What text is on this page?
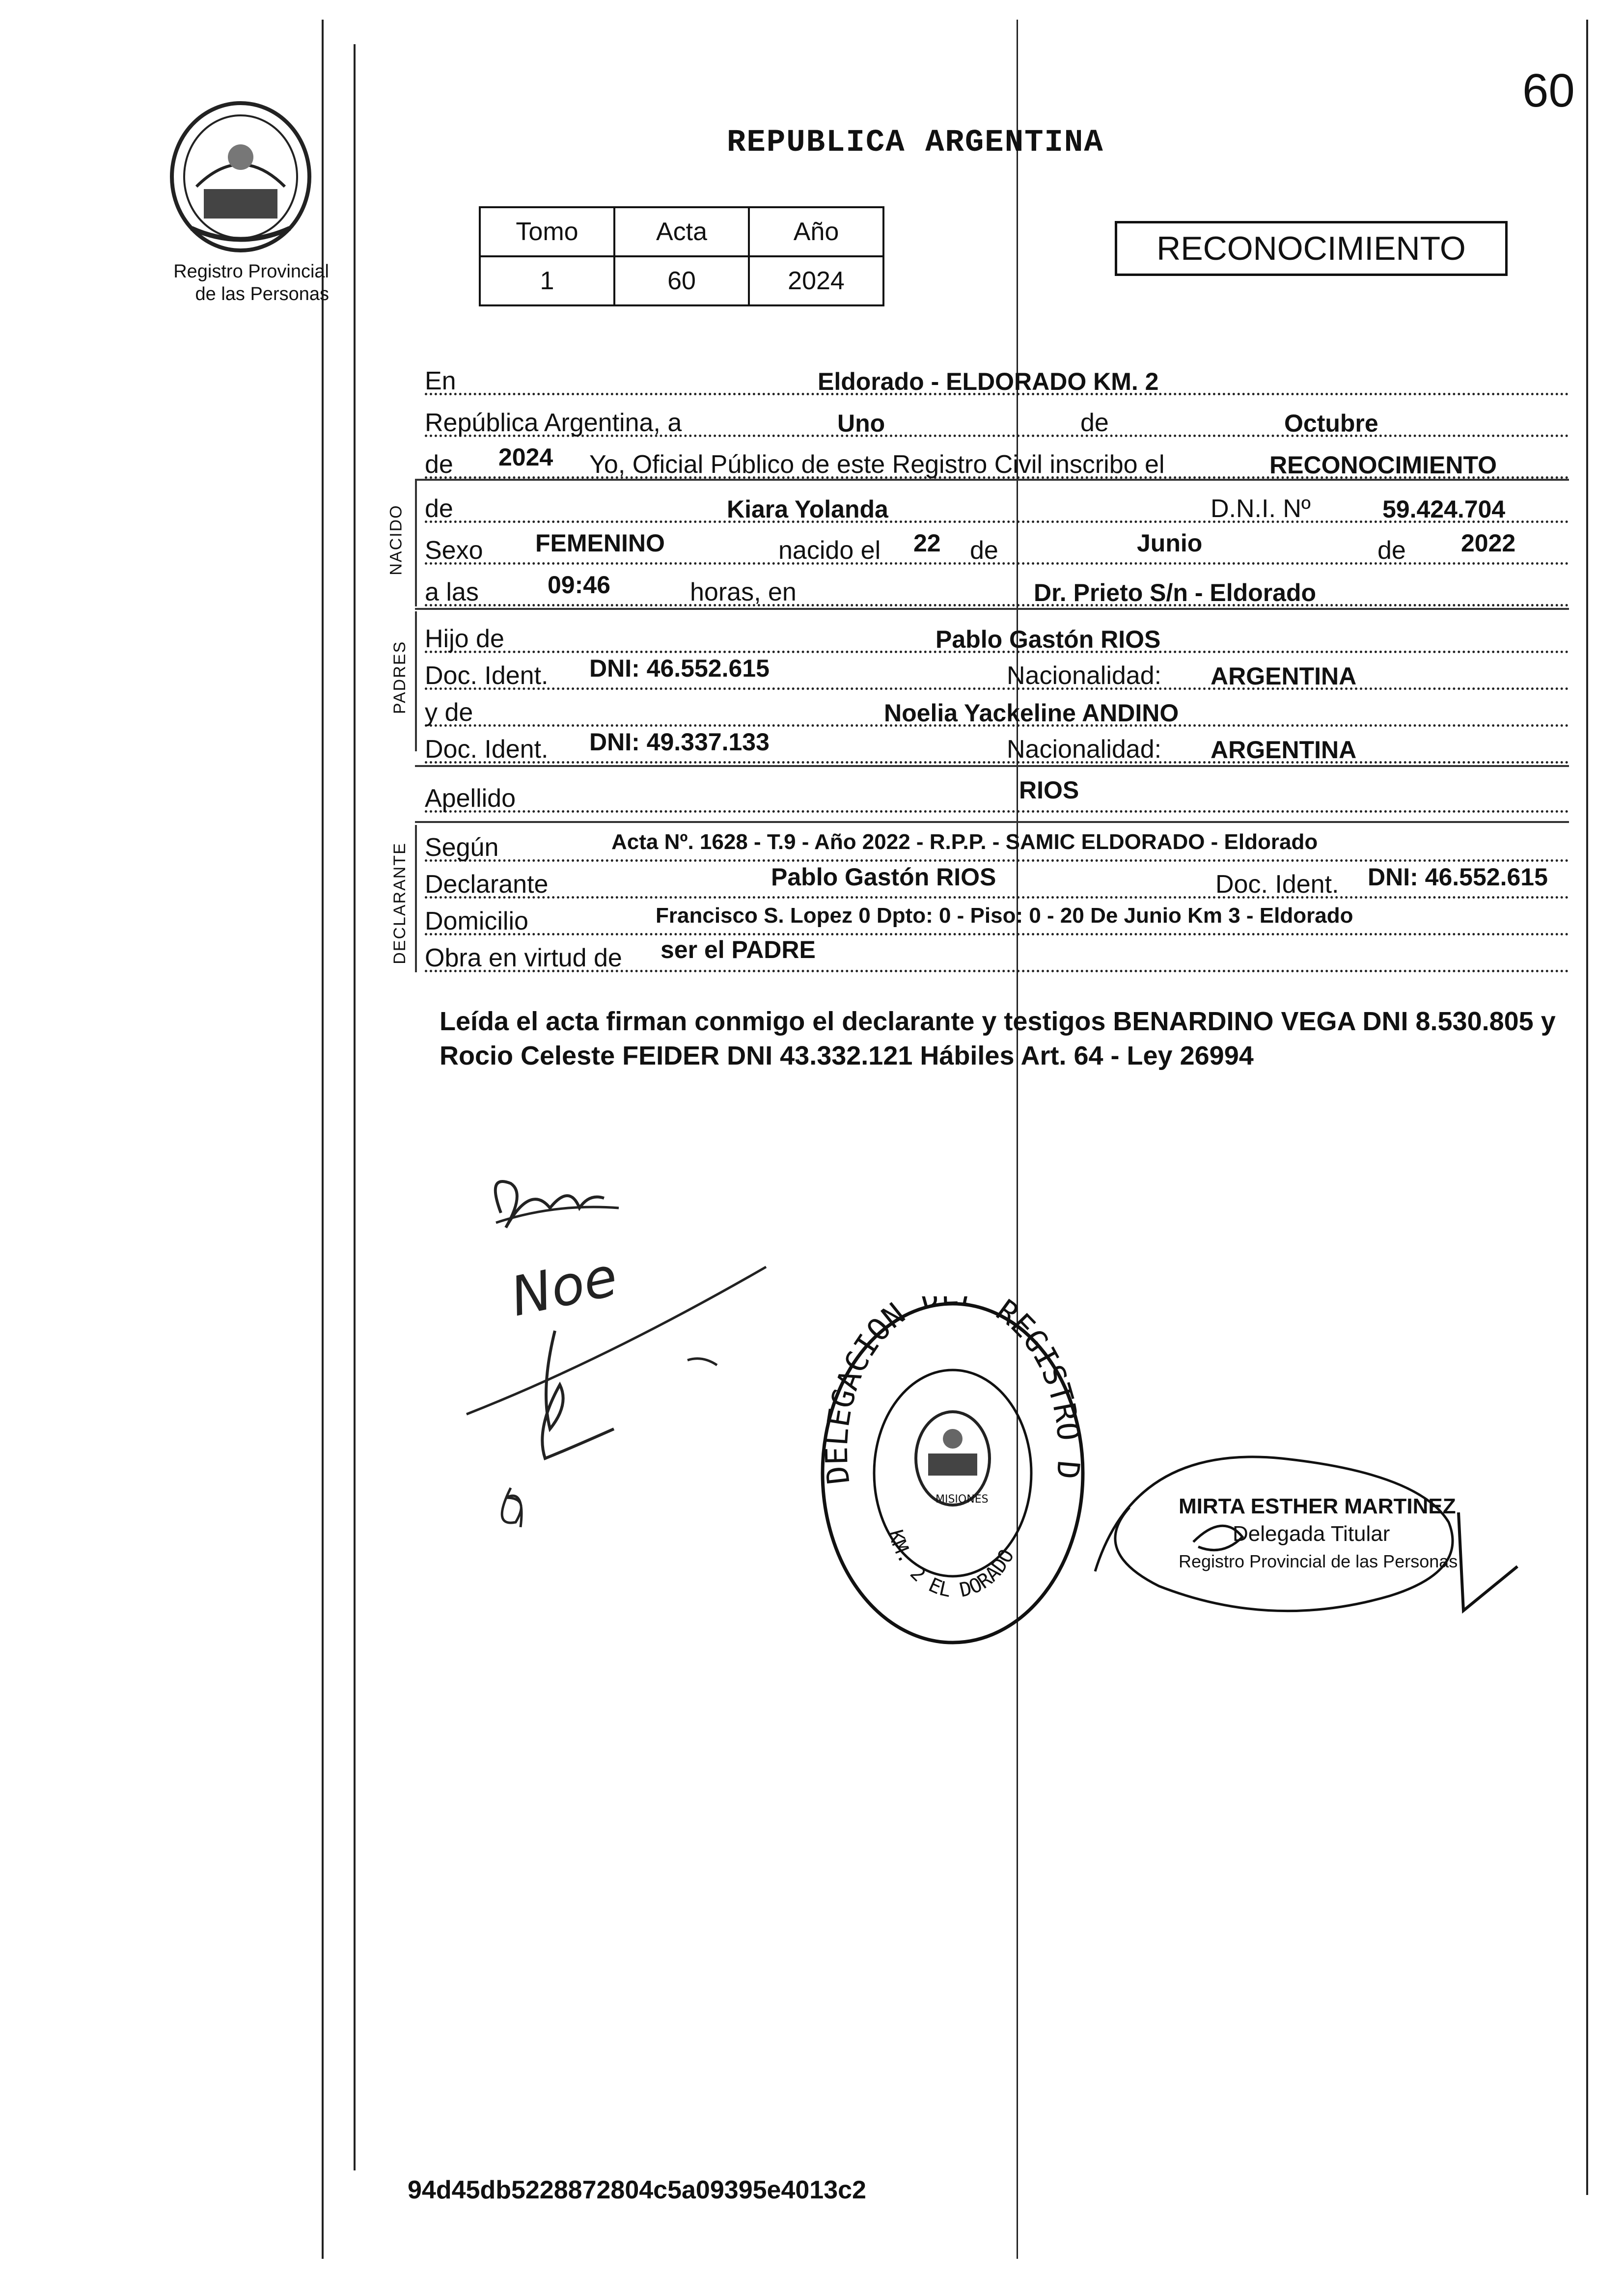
60
Registro Provincial
de las Personas
REPUBLICA ARGENTINA
Tomo	Acta	Año
1	60	2024
RECONOCIMIENTO
En	Eldorado - ELDORADO KM. 2
República Argentina, a	Uno	de	Octubre
de 2024 Yo, Oficial Público de este Registro Civil inscribo el	RECONOCIMIENTO
NACIDO de	Kiara Yolanda	D.N.I. Nº	59.424.704
Sexo FEMENINO	nacido el 22 de	Junio	de 2022
a las	09:46	horas, en	Dr. Prieto S/n - Eldorado
PADRES
Hijo de	Pablo Gastón RIOS
Doc. Ident. DNI: 46.552.615	Nacionalidad: ARGENTINA
y de	Noelia Yackeline ANDINO
Doc. Ident. DNI: 49.337.133	Nacionalidad: ARGENTINA
Apellido	RIOS
DECLARANTE Según	Acta Nº. 1628 - T.9 - Año 2022 - R.P.P. - SAMIC ELDORADO - Eldorado
Declarante	Pablo Gastón RIOS	Doc. Ident. DNI: 46.552.615
Domicilio	Francisco S. Lopez 0 Dpto: 0 - Piso: 0 - 20 De Junio Km 3 - Eldorado
Obra en virtud de ser el PADRE
Leída el acta firman conmigo el declarante y testigos BENARDINO VEGA DNI 8.530.805 y Rocio Celeste FEIDER DNI 43.332.121 Hábiles Art. 64 - Ley 26994
Noe
DELEGACION D REGISTRO D
KM. 2 EL DORADO
MISIONES	MIRTA ESTHER MARTINEZ
Delegada Titular
Registro Provincial de las Personas
94d45db5228872804c5a09395e4013c2
